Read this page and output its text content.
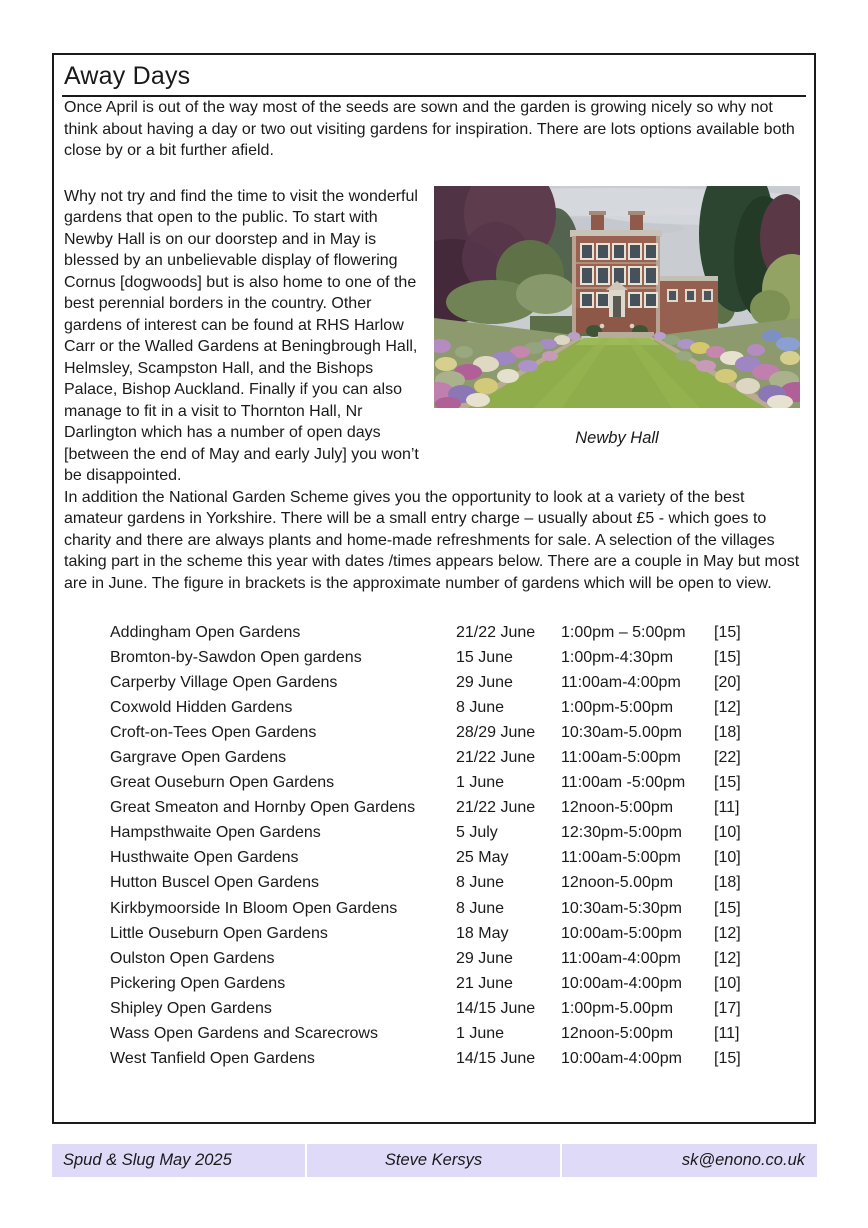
Away Days

Once April is out of the way most of the seeds are sown and the garden is growing nicely so why not think about having a day or two out visiting gardens for inspiration. There are lots options available both close by or a bit further afield.

Why not try and find the time to visit the wonderful gardens that open to the public. To start with Newby Hall is on our doorstep and in May is blessed by an unbelievable display of flowering Cornus [dogwoods] but is also home to one of the best perennial borders in the country. Other gardens of interest can be found at RHS Harlow Carr or the Walled Gardens at Beningbrough Hall, Helmsley, Scampston Hall, and the Bishops Palace, Bishop Auckland. Finally if you can also manage to fit in a visit to Thornton Hall, Nr Darlington which has a number of open days [between the end of May and early July] you won’t be disappointed.

Newby Hall

In addition the National Garden Scheme gives you the opportunity to look at a variety of the best amateur gardens in Yorkshire. There will be a small entry charge – usually about £5 - which goes to charity and there are always plants and home-made refreshments for sale. A selection of the villages taking part in the scheme this year with dates /times appears below. There are a couple in May but most are in June. The figure in brackets is the approximate number of gardens which will be open to view.

Addingham Open Gardens	21/22 June	1:00pm – 5:00pm	[15]
Bromton-by-Sawdon Open gardens	15 June	1:00pm-4:30pm	[15]
Carperby Village Open Gardens	29 June	11:00am-4:00pm	[20]
Coxwold Hidden Gardens	8 June	1:00pm-5:00pm	[12]
Croft-on-Tees Open Gardens	28/29 June	10:30am-5.00pm	[18]
Gargrave Open Gardens	21/22 June	11:00am-5:00pm	[22]
Great Ouseburn Open Gardens	1 June	11:00am -5:00pm	[15]
Great Smeaton and Hornby Open Gardens	21/22 June	12noon-5:00pm	[11]
Hampsthwaite Open Gardens	5 July	12:30pm-5:00pm	[10]
Husthwaite Open Gardens	25 May	11:00am-5:00pm	[10]
Hutton Buscel Open Gardens	8 June	12noon-5.00pm	[18]
Kirkbymoorside In Bloom Open Gardens	8 June	10:30am-5:30pm	[15]
Little Ouseburn Open Gardens	18 May	10:00am-5:00pm	[12]
Oulston Open Gardens	29 June	11:00am-4:00pm	[12]
Pickering Open Gardens	21 June	10:00am-4:00pm	[10]
Shipley Open Gardens	14/15 June	1:00pm-5.00pm	[17]
Wass Open Gardens and Scarecrows	1 June	12noon-5:00pm	[11]
West Tanfield Open Gardens	14/15 June	10:00am-4:00pm	[15]
Spud & Slug May 2025	Steve Kersys	sk@enono.co.uk
